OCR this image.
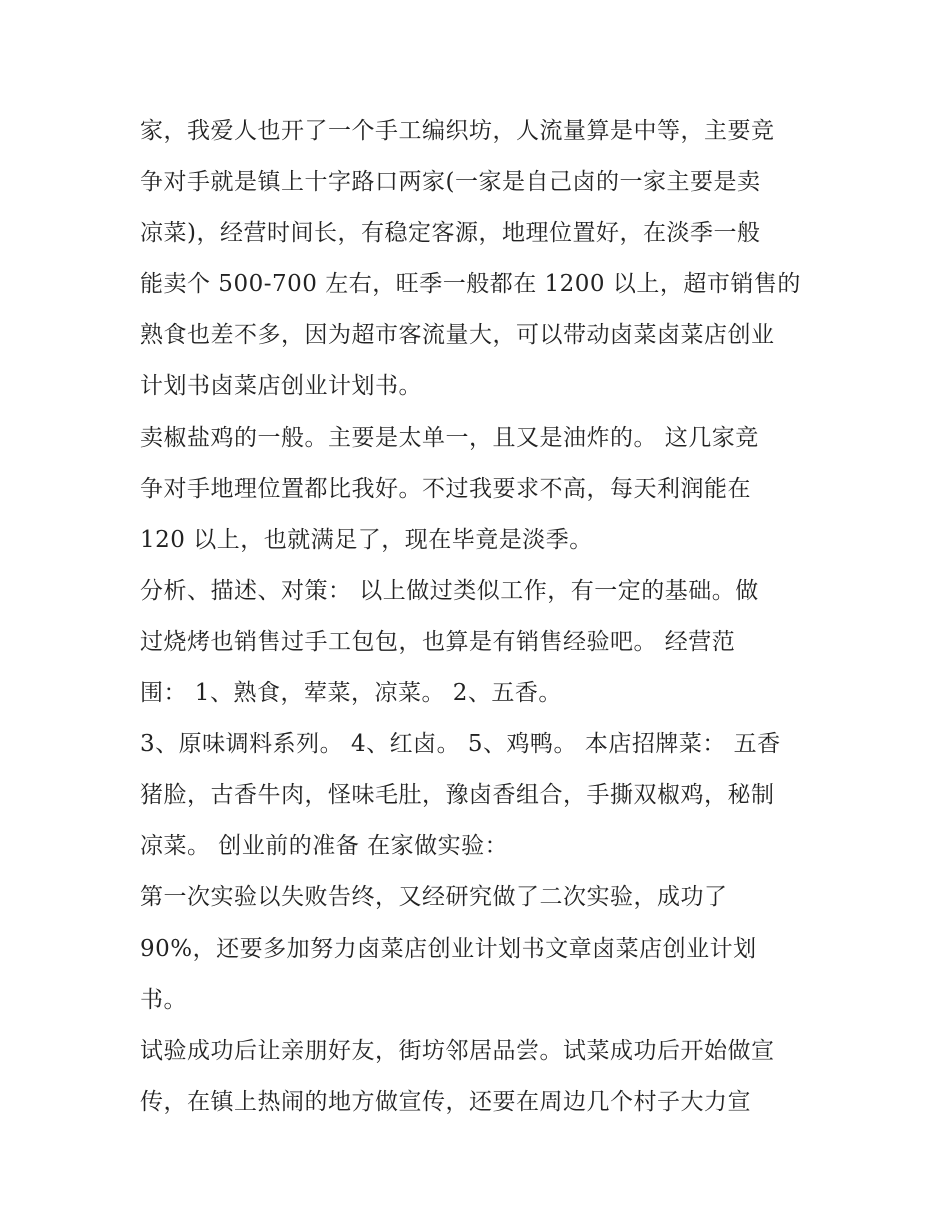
家，我爱人也开了一个手工编织坊，人流量算是中等，主要竞
争对手就是镇上十字路口两家(一家是自己卤的一家主要是卖
凉菜)，经营时间长，有稳定客源，地理位置好，在淡季一般
能卖个 500-700 左右，旺季一般都在 1200 以上，超市销售的
熟食也差不多，因为超市客流量大，可以带动卤菜卤菜店创业
计划书卤菜店创业计划书。
卖椒盐鸡的一般。主要是太单一，且又是油炸的。 这几家竞
争对手地理位置都比我好。不过我要求不高，每天利润能在
120 以上，也就满足了，现在毕竟是淡季。
分析、描述、对策： 以上做过类似工作，有一定的基础。做
过烧烤也销售过手工包包，也算是有销售经验吧。 经营范
围： 1、熟食，荤菜，凉菜。 2、五香。
3、原味调料系列。 4、红卤。 5、鸡鸭。 本店招牌菜： 五香
猪脸，古香牛肉，怪味毛肚，豫卤香组合，手撕双椒鸡，秘制
凉菜。 创业前的准备 在家做实验：
第一次实验以失败告终，又经研究做了二次实验，成功了
90%，还要多加努力卤菜店创业计划书文章卤菜店创业计划
书。
试验成功后让亲朋好友，街坊邻居品尝。试菜成功后开始做宣
传，在镇上热闹的地方做宣传，还要在周边几个村子大力宣
